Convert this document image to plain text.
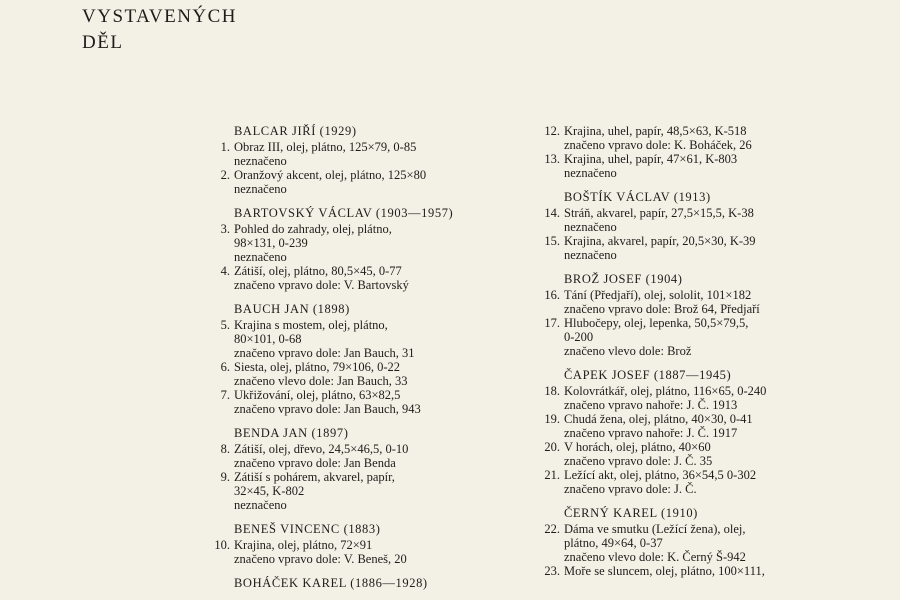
VYSTAVENÝCH
DĚL
BALCAR JIŘÍ (1929)
1. Obraz III, olej, plátno, 125×79, 0-85
neznačeno
2. Oranžový akcent, olej, plátno, 125×80
neznačeno
BARTOVSKÝ VÁCLAV (1903—1957)
3. Pohled do zahrady, olej, plátno,
98×131, 0-239
neznačeno
4. Zátiší, olej, plátno, 80,5×45, 0-77
značeno vpravo dole: V. Bartovský
BAUCH JAN (1898)
5. Krajina s mostem, olej, plátno,
80×101, 0-68
značeno vpravo dole: Jan Bauch, 31
6. Siesta, olej, plátno, 79×106, 0-22
značeno vlevo dole: Jan Bauch, 33
7. Ukřižování, olej, plátno, 63×82,5
značeno vpravo dole: Jan Bauch, 943
BENDA JAN (1897)
8. Zátiší, olej, dřevo, 24,5×46,5, 0-10
značeno vpravo dole: Jan Benda
9. Zátiší s pohárem, akvarel, papír,
32×45, K-802
neznačeno
BENEŠ VINCENC (1883)
10. Krajina, olej, plátno, 72×91
značeno vpravo dole: V. Beneš, 20
BOHÁČEK KAREL (1886—1928)
12. Krajina, uhel, papír, 48,5×63, K-518
značeno vpravo dole: K. Boháček, 26
13. Krajina, uhel, papír, 47×61, K-803
neznačeno
BOŠTÍK VÁCLAV (1913)
14. Stráň, akvarel, papír, 27,5×15,5, K-38
neznačeno
15. Krajina, akvarel, papír, 20,5×30, K-39
neznačeno
BROŽ JOSEF (1904)
16. Tání (Předjaří), olej, sololit, 101×182
značeno vpravo dole: Brož 64, Předjaří
17. Hlubočepy, olej, lepenka, 50,5×79,5,
0-200
značeno vlevo dole: Brož
ČAPEK JOSEF (1887—1945)
18. Kolovrátkář, olej, plátno, 116×65, 0-240
značeno vpravo nahoře: J. Č. 1913
19. Chudá žena, olej, plátno, 40×30, 0-41
značeno vpravo nahoře: J. Č. 1917
20. V horách, olej, plátno, 40×60
značeno vpravo dole: J. Č. 35
21. Ležící akt, olej, plátno, 36×54,5 0-302
značeno vpravo dole: J. Č.
ČERNÝ KAREL (1910)
22. Dáma ve smutku (Ležící žena), olej,
plátno, 49×64, 0-37
značeno vlevo dole: K. Černý Š-942
23. Moře se sluncem, olej, plátno, 100×111,
